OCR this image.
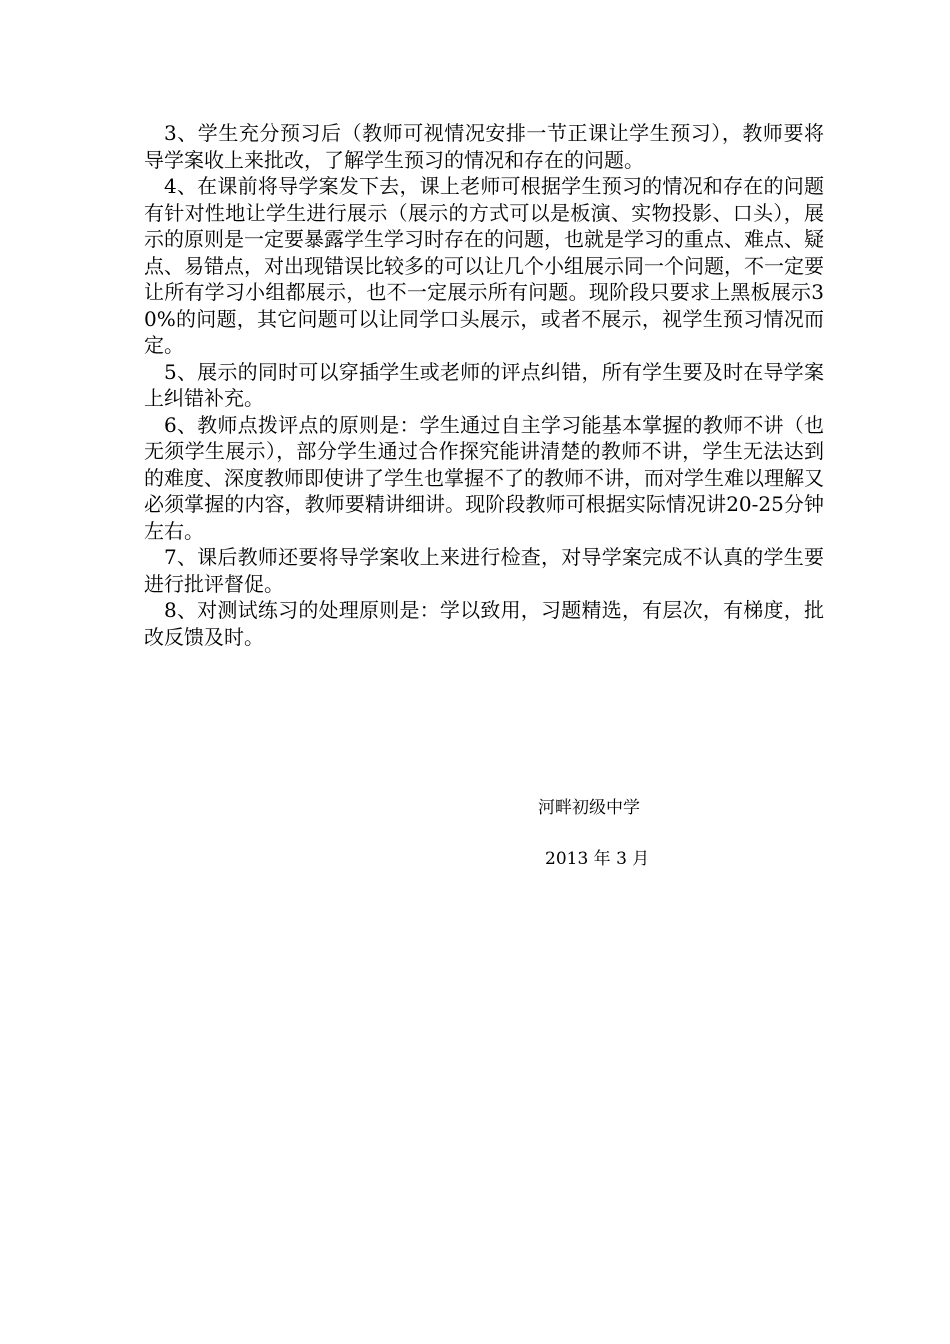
3、学生充分预习后（教师可视情况安排一节正课让学生预习），教师要将导学案收上来批改，了解学生预习的情况和存在的问题。

4、在课前将导学案发下去，课上老师可根据学生预习的情况和存在的问题有针对性地让学生进行展示（展示的方式可以是板演、实物投影、口头），展示的原则是一定要暴露学生学习时存在的问题，也就是学习的重点、难点、疑点、易错点，对出现错误比较多的可以让几个小组展示同一个问题，不一定要让所有学习小组都展示，也不一定展示所有问题。现阶段只要求上黑板展示30%的问题，其它问题可以让同学口头展示，或者不展示，视学生预习情况而定。

5、展示的同时可以穿插学生或老师的评点纠错，所有学生要及时在导学案上纠错补充。

6、教师点拨评点的原则是：学生通过自主学习能基本掌握的教师不讲（也无须学生展示），部分学生通过合作探究能讲清楚的教师不讲，学生无法达到的难度、深度教师即使讲了学生也掌握不了的教师不讲，而对学生难以理解又必须掌握的内容，教师要精讲细讲。现阶段教师可根据实际情况讲20-25分钟左右。

7、课后教师还要将导学案收上来进行检查，对导学案完成不认真的学生要进行批评督促。

8、对测试练习的处理原则是：学以致用，习题精选，有层次，有梯度，批改反馈及时。

河畔初级中学
2013 年 3 月
